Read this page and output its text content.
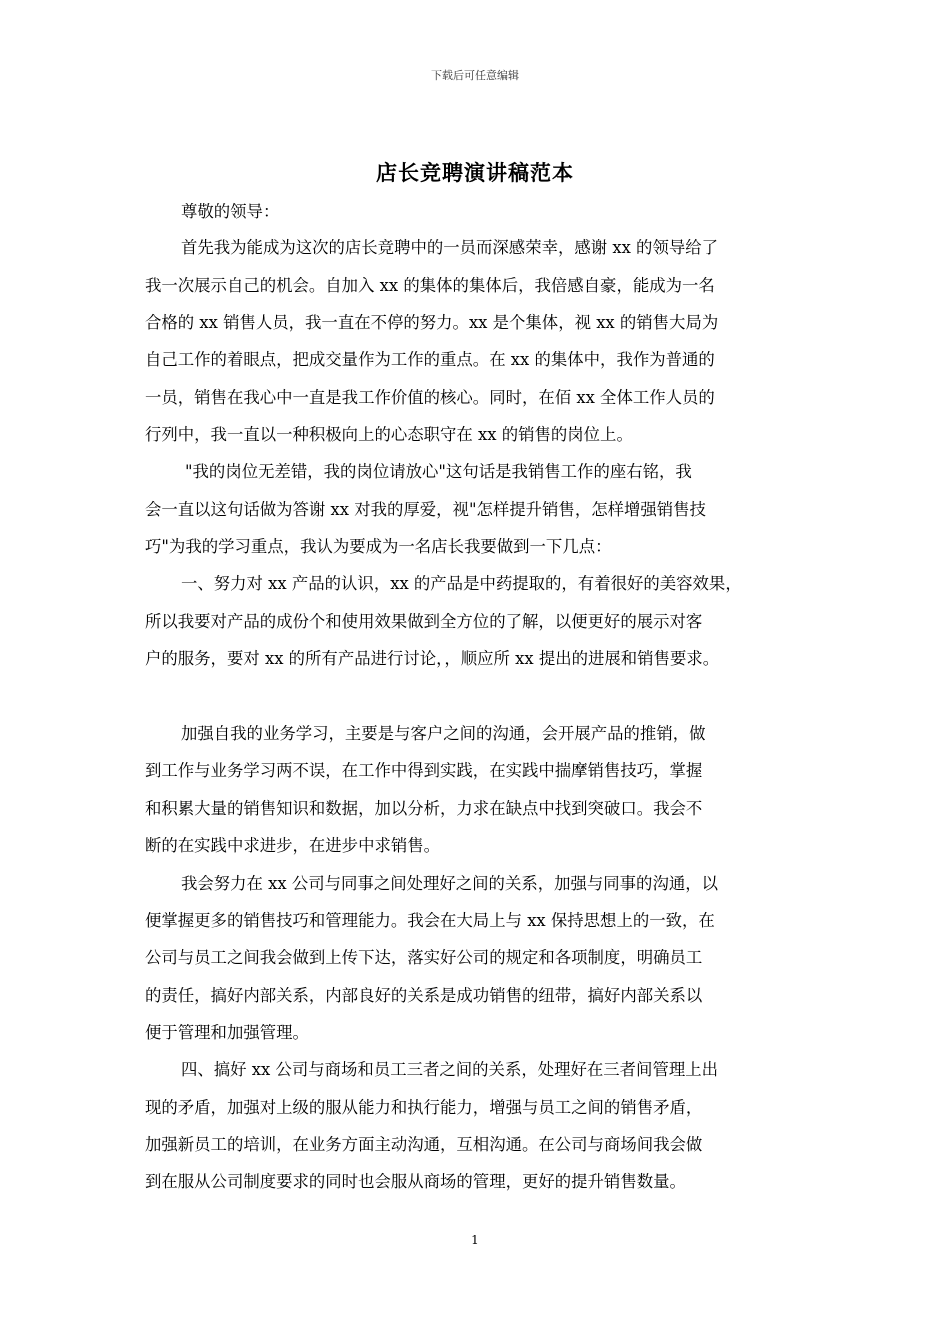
下载后可任意编辑
店长竞聘演讲稿范本
尊敬的领导：
首先我为能成为这次的店长竞聘中的一员而深感荣幸，感谢 xx 的领导给了
我一次展示自己的机会。自加入 xx 的集体的集体后，我倍感自豪，能成为一名
合格的 xx 销售人员，我一直在不停的努力。xx 是个集体，视 xx 的销售大局为
自己工作的着眼点，把成交量作为工作的重点。在 xx 的集体中，我作为普通的
一员，销售在我心中一直是我工作价值的核心。同时，在佰 xx 全体工作人员的
行列中，我一直以一种积极向上的心态职守在 xx 的销售的岗位上。
"我的岗位无差错，我的岗位请放心"这句话是我销售工作的座右铭，我
会一直以这句话做为答谢 xx 对我的厚爱，视"怎样提升销售，怎样增强销售技
巧"为我的学习重点，我认为要成为一名店长我要做到一下几点：
一、努力对 xx 产品的认识，xx 的产品是中药提取的，有着很好的美容效果，
所以我要对产品的成份个和使用效果做到全方位的了解，以便更好的展示对客
户的服务，要对 xx 的所有产品进行讨论，，顺应所 xx 提出的进展和销售要求。
加强自我的业务学习，主要是与客户之间的沟通，会开展产品的推销，做
到工作与业务学习两不误，在工作中得到实践，在实践中揣摩销售技巧，掌握
和积累大量的销售知识和数据，加以分析，力求在缺点中找到突破口。我会不
断的在实践中求进步，在进步中求销售。
我会努力在 xx 公司与同事之间处理好之间的关系，加强与同事的沟通，以
便掌握更多的销售技巧和管理能力。我会在大局上与 xx 保持思想上的一致，在
公司与员工之间我会做到上传下达，落实好公司的规定和各项制度，明确员工
的责任，搞好内部关系，内部良好的关系是成功销售的纽带，搞好内部关系以
便于管理和加强管理。
四、搞好 xx 公司与商场和员工三者之间的关系，处理好在三者间管理上出
现的矛盾，加强对上级的服从能力和执行能力，增强与员工之间的销售矛盾，
加强新员工的培训，在业务方面主动沟通，互相沟通。在公司与商场间我会做
到在服从公司制度要求的同时也会服从商场的管理，更好的提升销售数量。
1
